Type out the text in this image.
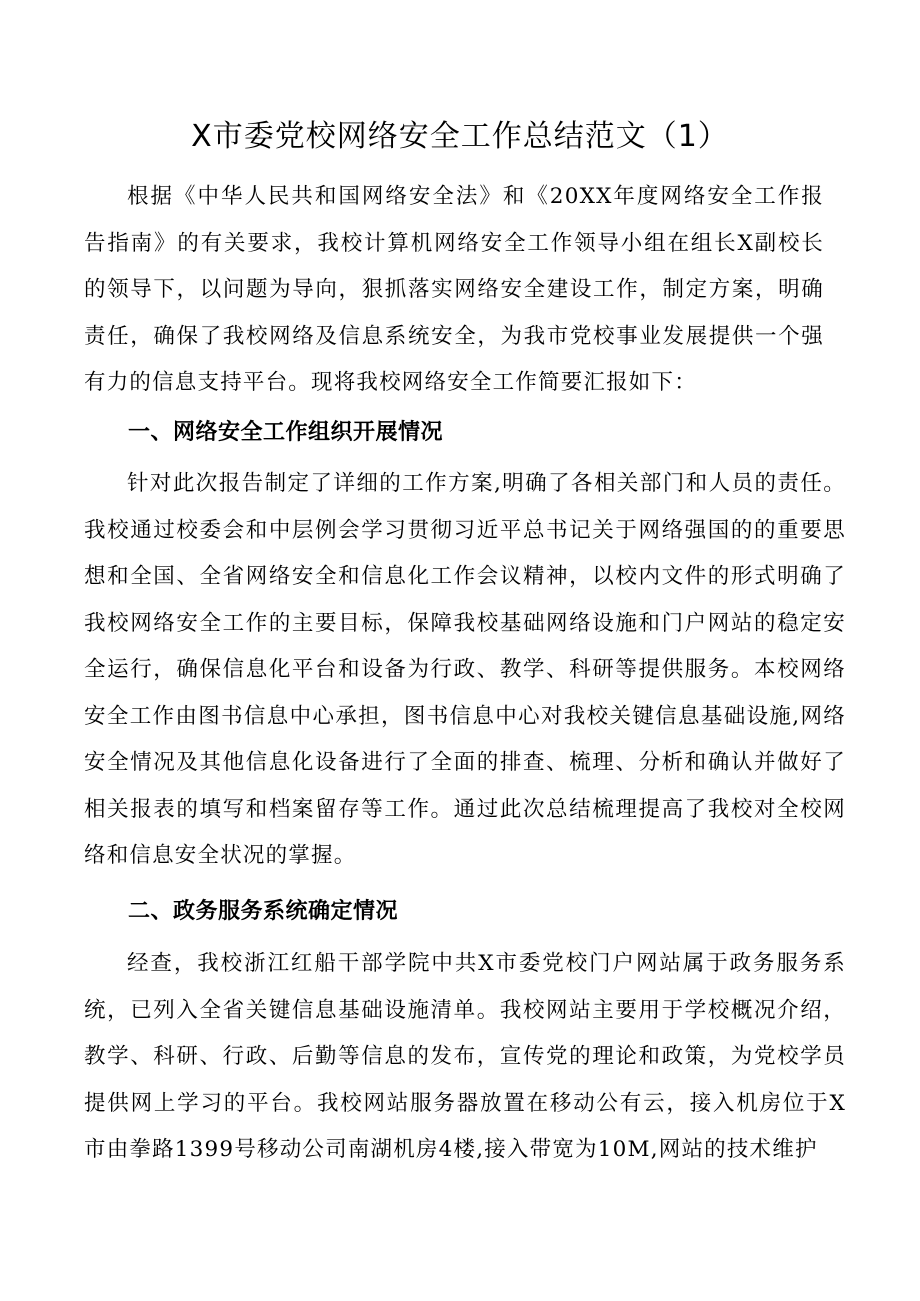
X市委党校网络安全工作总结范文（1）
根据《中华人民共和国网络安全法》和《20XX年度网络安全工作报告指南》的有关要求，我校计算机网络安全工作领导小组在组长X副校长的领导下，以问题为导向，狠抓落实网络安全建设工作，制定方案，明确责任，确保了我校网络及信息系统安全，为我市党校事业发展提供一个强有力的信息支持平台。现将我校网络安全工作简要汇报如下：
一、网络安全工作组织开展情况
针对此次报告制定了详细的工作方案,明确了各相关部门和人员的责任。我校通过校委会和中层例会学习贯彻习近平总书记关于网络强国的的重要思想和全国、全省网络安全和信息化工作会议精神，以校内文件的形式明确了我校网络安全工作的主要目标，保障我校基础网络设施和门户网站的稳定安全运行，确保信息化平台和设备为行政、教学、科研等提供服务。本校网络安全工作由图书信息中心承担，图书信息中心对我校关键信息基础设施,网络安全情况及其他信息化设备进行了全面的排查、梳理、分析和确认并做好了相关报表的填写和档案留存等工作。通过此次总结梳理提高了我校对全校网络和信息安全状况的掌握。
二、政务服务系统确定情况
经查，我校浙江红船干部学院中共X市委党校门户网站属于政务服务系统，已列入全省关键信息基础设施清单。我校网站主要用于学校概况介绍，教学、科研、行政、后勤等信息的发布，宣传党的理论和政策，为党校学员提供网上学习的平台。我校网站服务器放置在移动公有云，接入机房位于X市由拳路1399号移动公司南湖机房4楼,接入带宽为10M,网站的技术维护
